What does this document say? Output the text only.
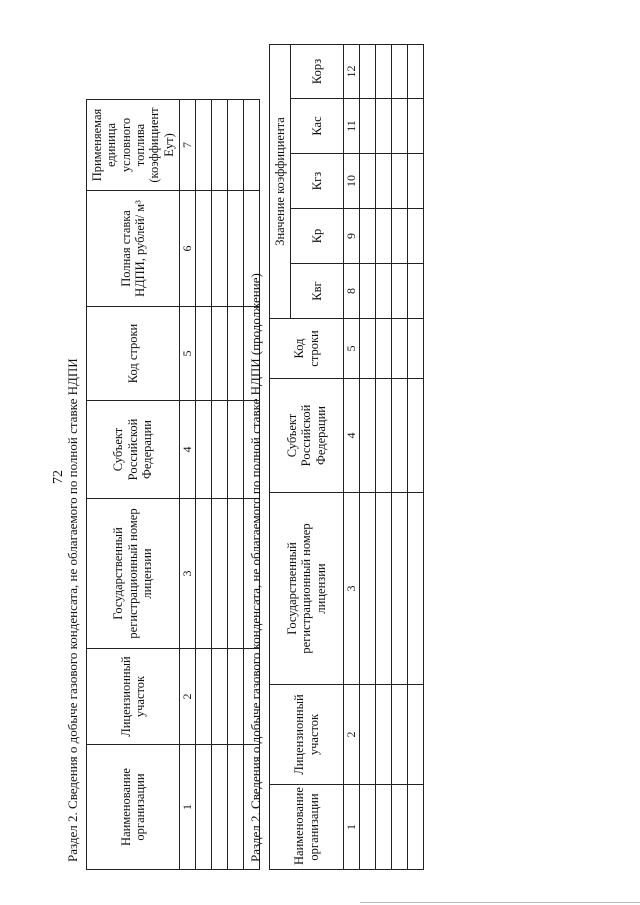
72 Раздел 2. Сведения о добыче газового конденсата, не облагаемого по полной ставке НДПИ	Наименование организации	Лицензионный участок	Государственный регистрационный номер лицензии	Субъект Российской Федерации	Код строки	Полная ставка НДПИ, рублей/ м³	Применяемая единица условного топлива (коэффициент Еут)
1	2	3	4	5	6	7

Раздел 2. Сведения о добыче газового конденсата, не облагаемого по полной ставке НДПИ (продолжение) Наименование организации	Лицензионный участок	Государственный регистрационный номер лицензии	Субъект Российской Федерации	Код строки	Значение коэффициента				
					Квг	Кр	Кгз	Кас	Корз
1	2	3	4	5	8	9	10	11	12
